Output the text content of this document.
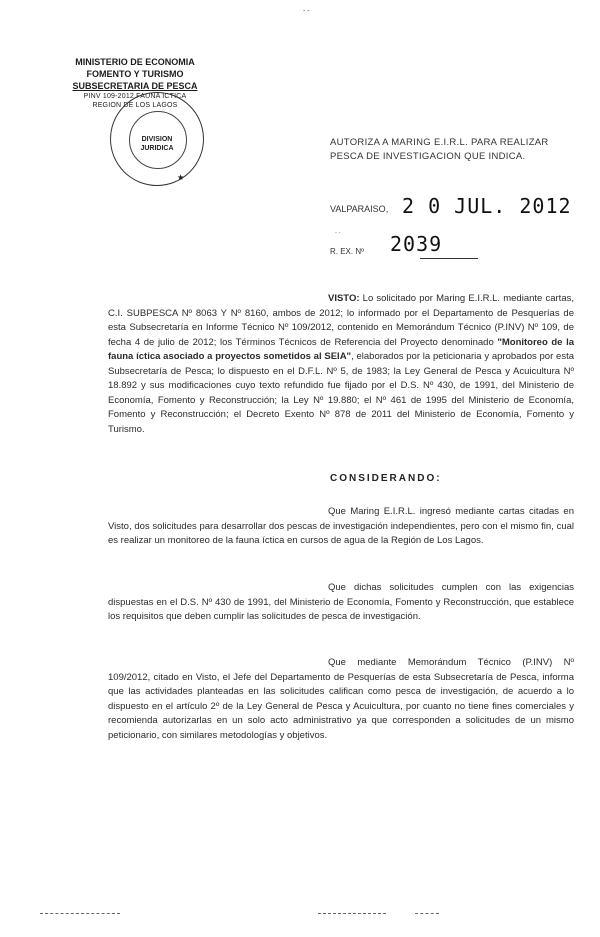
- -
MINISTERIO DE ECONOMIA
FOMENTO Y TURISMO
SUBSECRETARIA DE PESCA
PINV 109-2012 FAUNA ICTICA
REGION DE LOS LAGOS
DIVISION
JURIDICA
★
AUTORIZA A MARING E.I.R.L. PARA REALIZAR PESCA DE INVESTIGACION QUE INDICA.
VALPARAISO, 2 0 JUL. 2012
. .
R. EX. Nº 2039
VISTO: Lo solicitado por Maring E.I.R.L. mediante cartas, C.I. SUBPESCA Nº 8063 Y Nº 8160, ambos de 2012; lo informado por el Departamento de Pesquerías de esta Subsecretaría en Informe Técnico Nº 109/2012, contenido en Memorándum Técnico (P.INV) Nº 109, de fecha 4 de julio de 2012; los Términos Técnicos de Referencia del Proyecto denominado "Monitoreo de la fauna íctica asociado a proyectos sometidos al SEIA", elaborados por la peticionaria y aprobados por esta Subsecretaría de Pesca; lo dispuesto en el D.F.L. Nº 5, de 1983; la Ley General de Pesca y Acuicultura Nº 18.892 y sus modificaciones cuyo texto refundido fue fijado por el D.S. Nº 430, de 1991, del Ministerio de Economía, Fomento y Reconstrucción; la Ley Nº 19.880; el Nº 461 de 1995 del Ministerio de Economía, Fomento y Reconstrucción; el Decreto Exento Nº 878 de 2011 del Ministerio de Economía, Fomento y Turismo.
CONSIDERANDO:
Que Maring E.I.R.L. ingresó mediante cartas citadas en Visto, dos solicitudes para desarrollar dos pescas de investigación independientes, pero con el mismo fin, cual es realizar un monitoreo de la fauna íctica en cursos de agua de la Región de Los Lagos.
Que dichas solicitudes cumplen con las exigencias dispuestas en el D.S. Nº 430 de 1991, del Ministerio de Economía, Fomento y Reconstrucción, que establece los requisitos que deben cumplir las solicitudes de pesca de investigación.
Que mediante Memorándum Técnico (P.INV) Nº 109/2012, citado en Visto, el Jefe del Departamento de Pesquerías de esta Subsecretaría de Pesca, informa que las actividades planteadas en las solicitudes califican como pesca de investigación, de acuerdo a lo dispuesto en el artículo 2º de la Ley General de Pesca y Acuicultura, por cuanto no tiene fines comerciales y recomienda autorizarlas en un solo acto administrativo ya que corresponden a solicitudes de un mismo peticionario, con similares metodologías y objetivos.
